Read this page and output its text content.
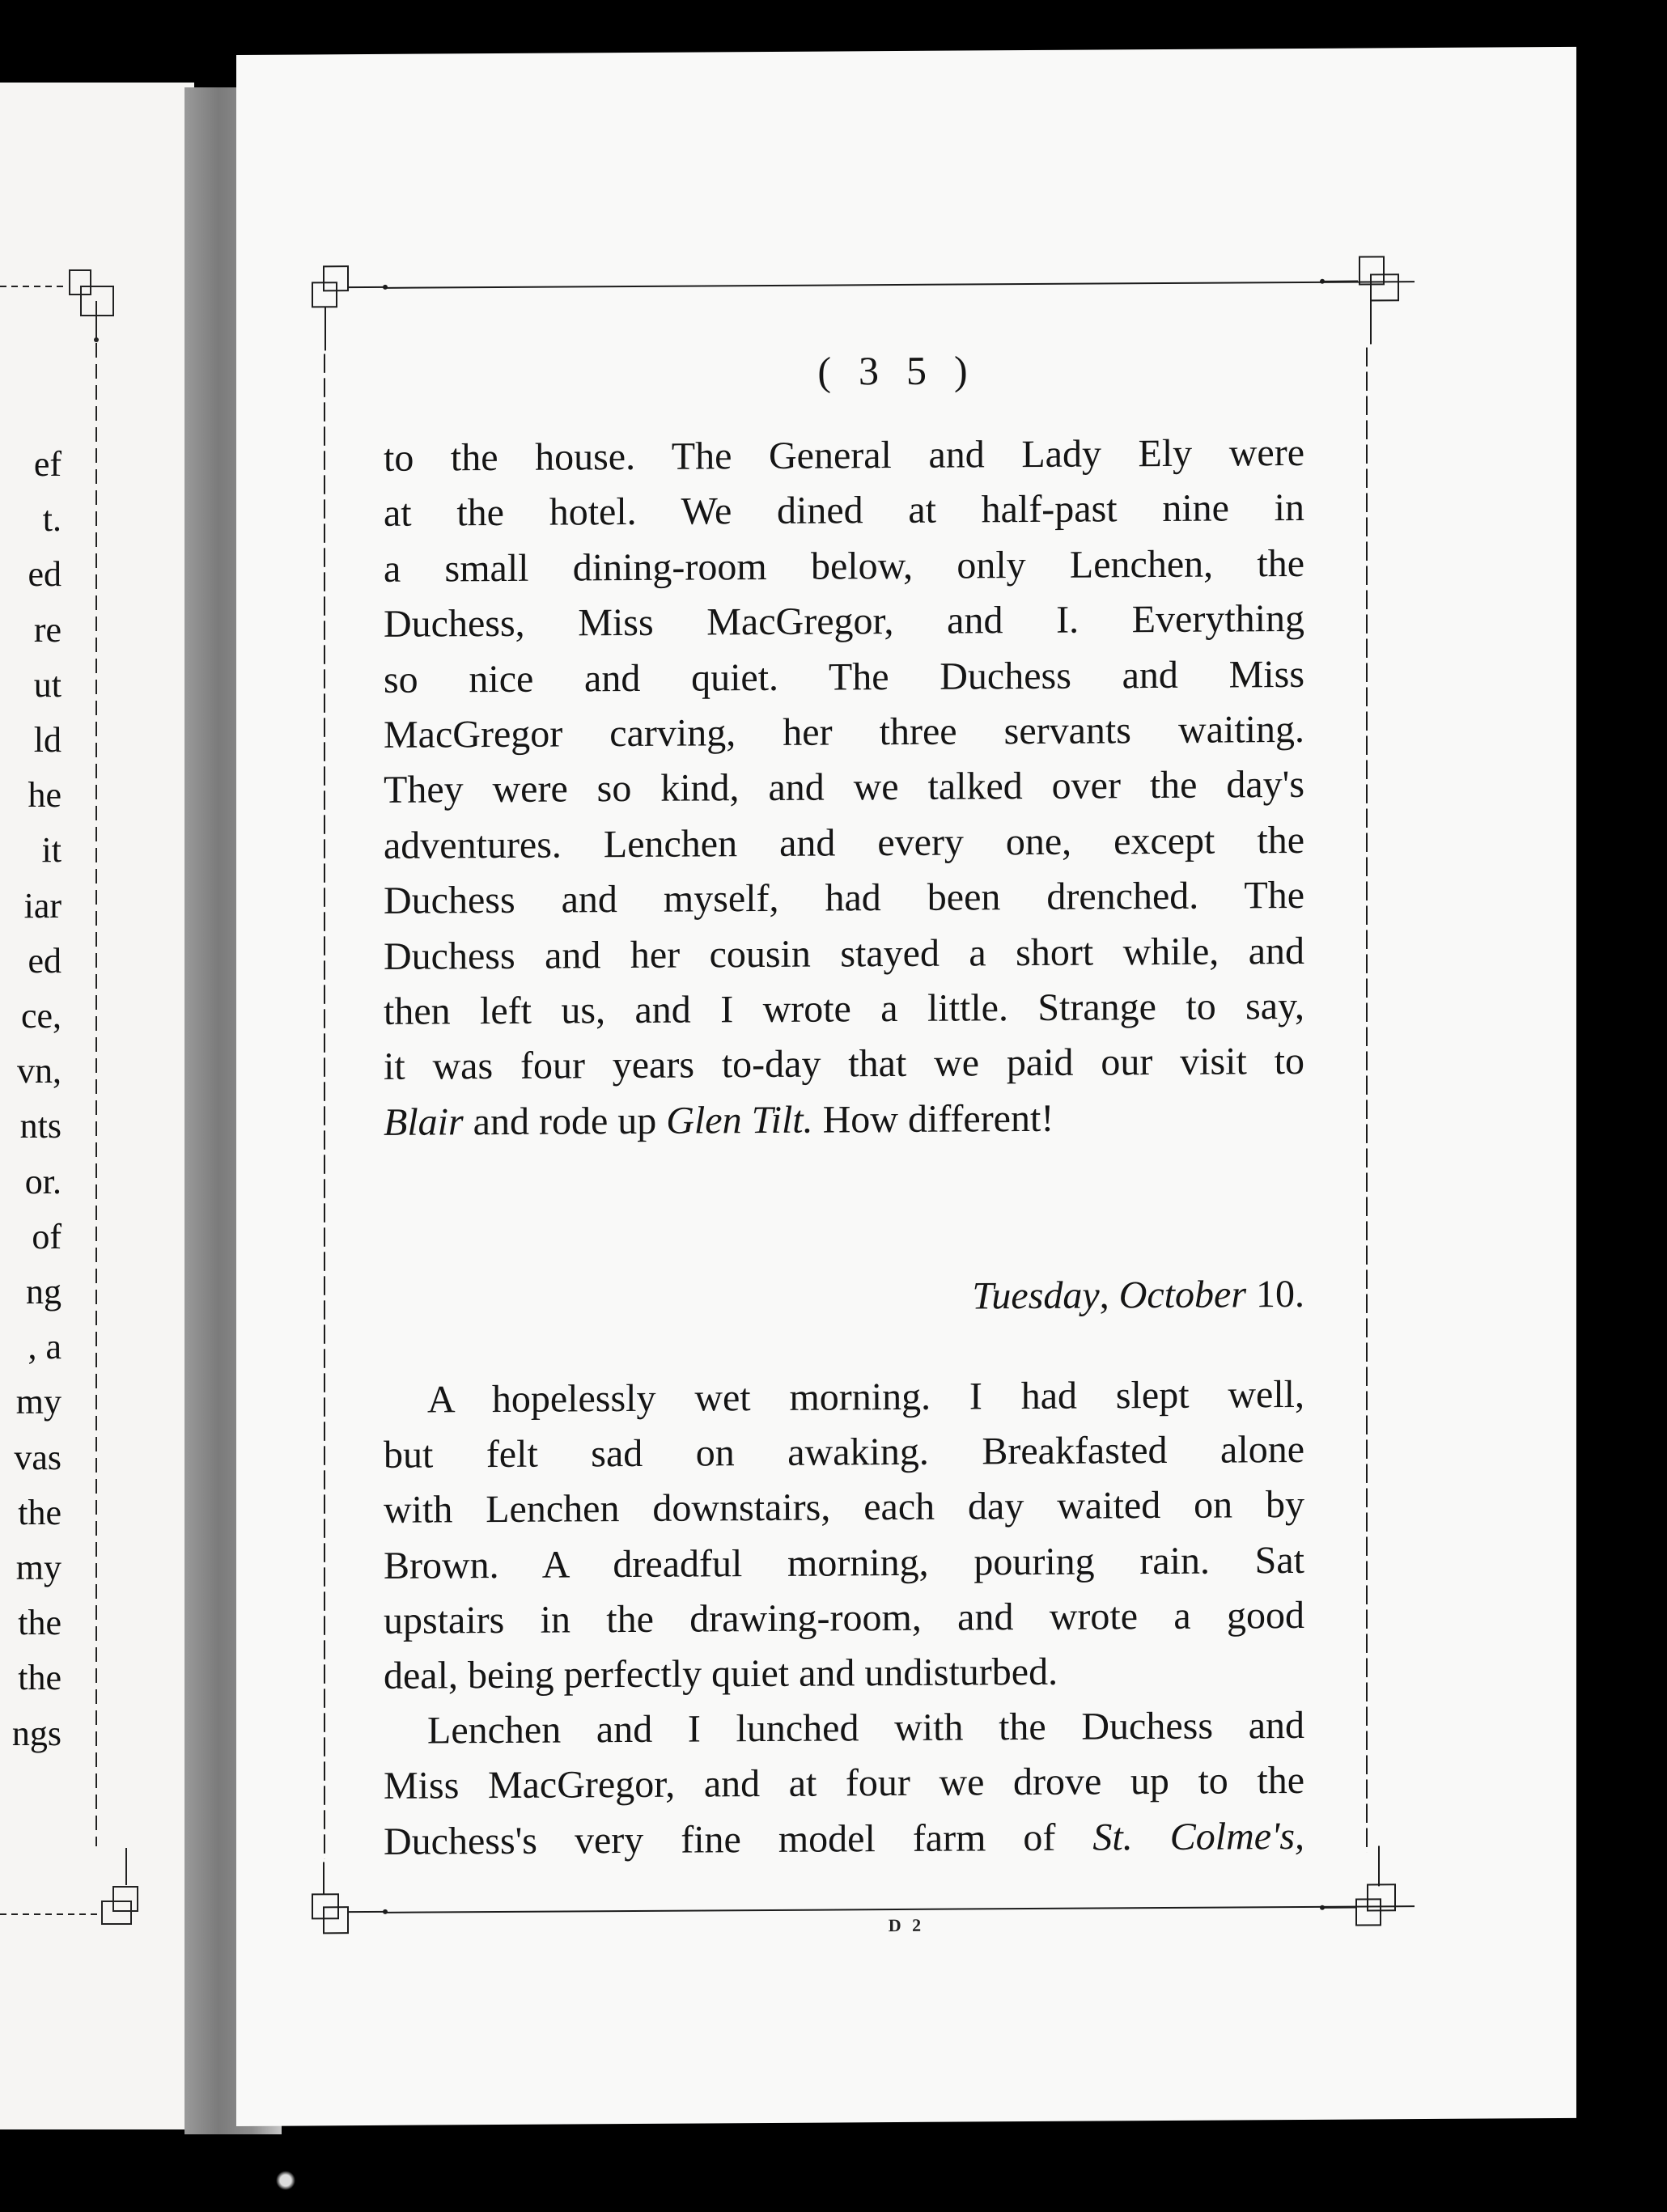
ef
t.
ed
re
ut
ld
he
it
iar
ed
ce,
vn,
nts
or.
of
ng
, a
my
vas
the
my
the
the
ngs
(35)
to the house. The General and Lady Ely were
at the hotel. We dined at half-past nine in
a small dining-room below, only Lenchen, the
Duchess, Miss MacGregor, and I. Everything
so nice and quiet. The Duchess and Miss
MacGregor carving, her three servants waiting.
They were so kind, and we talked over the day's
adventures. Lenchen and every one, except the
Duchess and myself, had been drenched. The
Duchess and her cousin stayed a short while, and
then left us, and I wrote a little. Strange to say,
it was four years to-day that we paid our visit to
Blair and rode up Glen Tilt. How different!
Tuesday, October 10.
A hopelessly wet morning. I had slept well,
but felt sad on awaking. Breakfasted alone
with Lenchen downstairs, each day waited on by
Brown. A dreadful morning, pouring rain. Sat
upstairs in the drawing-room, and wrote a good
deal, being perfectly quiet and undisturbed.
Lenchen and I lunched with the Duchess and
Miss MacGregor, and at four we drove up to the
Duchess's very fine model farm of St. Colme's,
D 2
